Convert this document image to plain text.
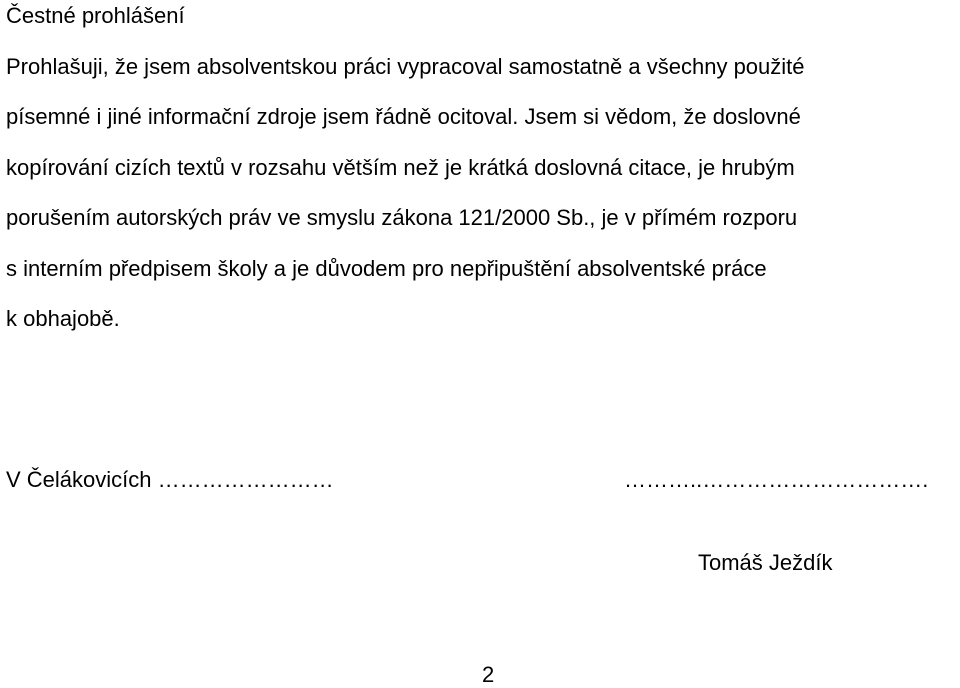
Čestné prohlášení
Prohlašuji, že jsem absolventskou práci vypracoval samostatně a všechny použité
písemné i jiné informační zdroje jsem řádně ocitoval. Jsem si vědom, že doslovné
kopírování cizích textů v rozsahu větším než je krátká doslovná citace, je hrubým
porušením autorských práv ve smyslu zákona 121/2000 Sb., je v přímém rozporu
s interním předpisem školy a je důvodem pro nepřipuštění absolventské práce
k obhajobě.
V Čelákovicích ……………………	………..………………………….
Tomáš Ježdík
2
